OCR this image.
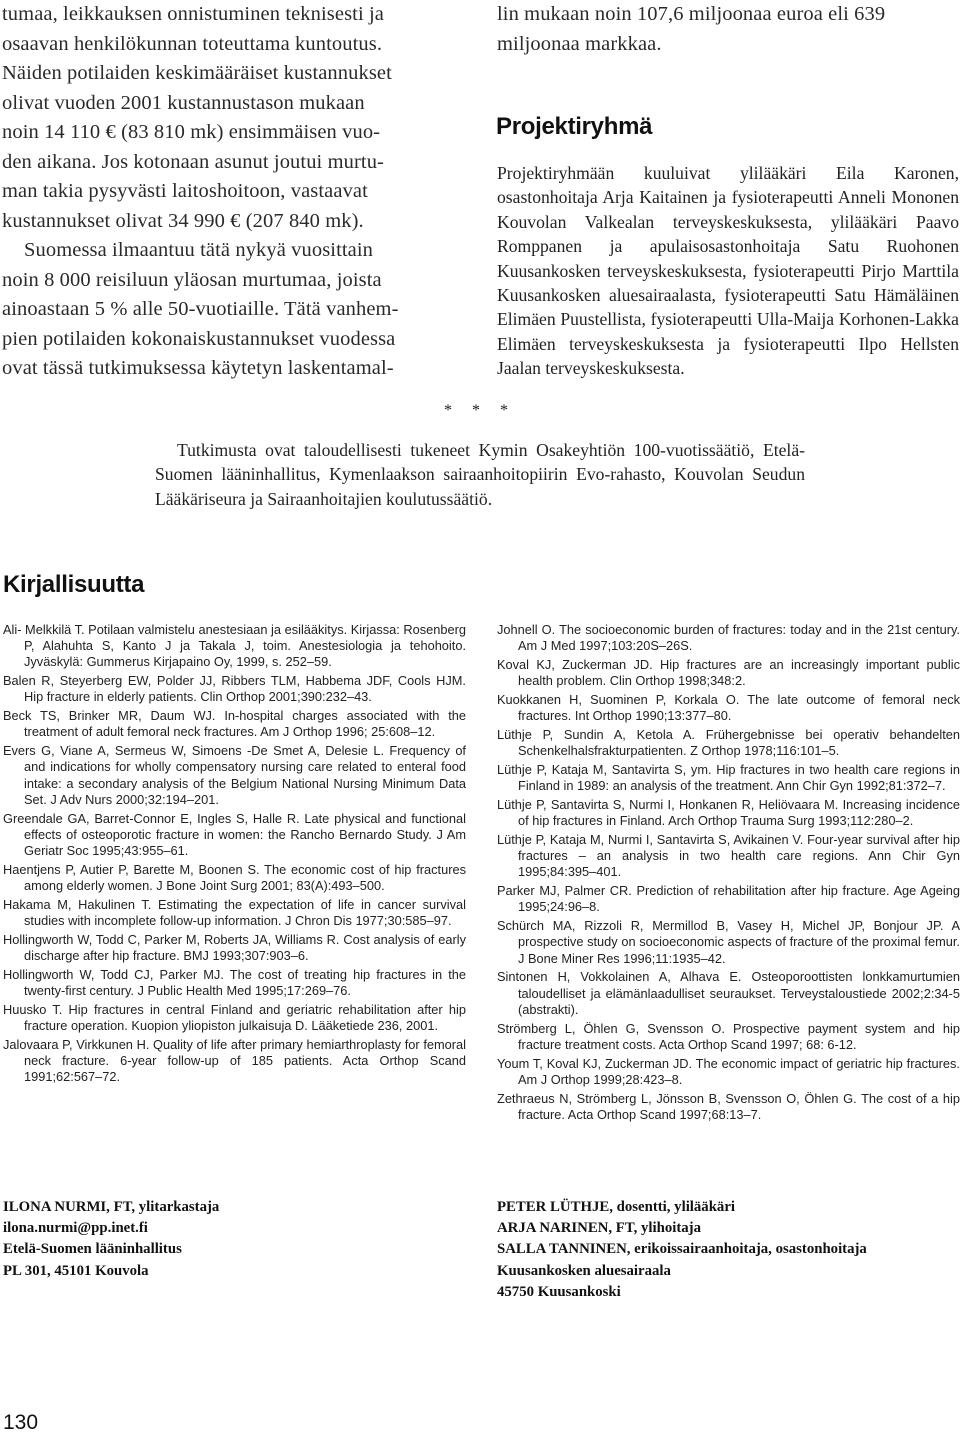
tumaa, leikkauksen onnistuminen teknisesti ja
osaavan henkilökunnan toteuttama kuntoutus.
Näiden potilaiden keskimääräiset kustannukset
olivat vuoden 2001 kustannustason mukaan
noin 14 110 € (83 810 mk) ensimmäisen vuo-
den aikana. Jos kotonaan asunut joutui murtu-
man takia pysyvästi laitoshoitoon, vastaavat
kustannukset olivat 34 990 € (207 840 mk).
Suomessa ilmaantuu tätä nykyä vuosittain
noin 8 000 reisiluun yläosan murtumaa, joista
ainoastaan 5 % alle 50-vuotiaille. Tätä vanhem-
pien potilaiden kokonaiskustannukset vuodessa
ovat tässä tutkimuksessa käytetyn laskentamal-
lin mukaan noin 107,6 miljoonaa euroa eli 639
miljoonaa markkaa.
Projektiryhmä

Projektiryhmään kuuluivat ylilääkäri Eila Karonen, osastonhoitaja Arja Kaitainen ja fysioterapeutti Anneli Mononen Kouvolan Valkealan terveyskeskuksesta, ylilääkäri Paavo Romppanen ja apulaisosastonhoitaja Satu Ruohonen Kuusankosken terveyskeskuksesta, fysioterapeutti Pirjo Marttila Kuusankosken aluesairaalasta, fysioterapeutti Satu Hämäläinen Elimäen Puustellista, fysioterapeutti Ulla-Maija Korhonen-Lakka Elimäen terveyskeskuksesta ja fysioterapeutti Ilpo Hellsten Jaalan terveyskeskuksesta.

* * *

Tutkimusta ovat taloudellisesti tukeneet Kymin Osakeyhtiön 100-vuotissäätiö, Etelä-Suomen lääninhallitus, Kymenlaakson sairaanhoitopiirin Evo-rahasto, Kouvolan Seudun Lääkäriseura ja Sairaanhoitajien koulutussäätiö.

Kirjallisuutta
Ali- Melkkilä T. Potilaan valmistelu anestesiaan ja esilääkitys. Kirjassa: Rosenberg P, Alahuhta S, Kanto J ja Takala J, toim. Anestesiologia ja tehohoito. Jyväskylä: Gummerus Kirjapaino Oy, 1999, s. 252–59.
Balen R, Steyerberg EW, Polder JJ, Ribbers TLM, Habbema JDF, Cools HJM. Hip fracture in elderly patients. Clin Orthop 2001;390:232–43.
Beck TS, Brinker MR, Daum WJ. In-hospital charges associated with the treatment of adult femoral neck fractures. Am J Orthop 1996; 25:608–12.
Evers G, Viane A, Sermeus W, Simoens -De Smet A, Delesie L. Frequency of and indications for wholly compensatory nursing care related to enteral food intake: a secondary analysis of the Belgium National Nursing Minimum Data Set. J Adv Nurs 2000;32:194–201.
Greendale GA, Barret-Connor E, Ingles S, Halle R. Late physical and functional effects of osteoporotic fracture in women: the Rancho Bernardo Study. J Am Geriatr Soc 1995;43:955–61.
Haentjens P, Autier P, Barette M, Boonen S. The economic cost of hip fractures among elderly women. J Bone Joint Surg 2001; 83(A):493–500.
Hakama M, Hakulinen T. Estimating the expectation of life in cancer survival studies with incomplete follow-up information. J Chron Dis 1977;30:585–97.
Hollingworth W, Todd C, Parker M, Roberts JA, Williams R. Cost analysis of early discharge after hip fracture. BMJ 1993;307:903–6.
Hollingworth W, Todd CJ, Parker MJ. The cost of treating hip fractures in the twenty-first century. J Public Health Med 1995;17:269–76.
Huusko T. Hip fractures in central Finland and geriatric rehabilitation after hip fracture operation. Kuopion yliopiston julkaisuja D. Lääketiede 236, 2001.
Jalovaara P, Virkkunen H. Quality of life after primary hemiarthroplasty for femoral neck fracture. 6-year follow-up of 185 patients. Acta Orthop Scand 1991;62:567–72.
Johnell O. The socioeconomic burden of fractures: today and in the 21st century. Am J Med 1997;103:20S–26S.
Koval KJ, Zuckerman JD. Hip fractures are an increasingly important public health problem. Clin Orthop 1998;348:2.
Kuokkanen H, Suominen P, Korkala O. The late outcome of femoral neck fractures. Int Orthop 1990;13:377–80.
Lüthje P, Sundin A, Ketola A. Frühergebnisse bei operativ behandelten Schenkelhalsfrakturpatienten. Z Orthop 1978;116:101–5.
Lüthje P, Kataja M, Santavirta S, ym. Hip fractures in two health care regions in Finland in 1989: an analysis of the treatment. Ann Chir Gyn 1992;81:372–7.
Lüthje P, Santavirta S, Nurmi I, Honkanen R, Heliövaara M. Increasing incidence of hip fractures in Finland. Arch Orthop Trauma Surg 1993;112:280–2.
Lüthje P, Kataja M, Nurmi I, Santavirta S, Avikainen V. Four-year survival after hip fractures – an analysis in two health care regions. Ann Chir Gyn 1995;84:395–401.
Parker MJ, Palmer CR. Prediction of rehabilitation after hip fracture. Age Ageing 1995;24:96–8.
Schürch MA, Rizzoli R, Mermillod B, Vasey H, Michel JP, Bonjour JP. A prospective study on socioeconomic aspects of fracture of the proximal femur. J Bone Miner Res 1996;11:1935–42.
Sintonen H, Vokkolainen A, Alhava E. Osteoporoottisten lonkkamurtumien taloudelliset ja elämänlaadulliset seuraukset. Terveystaloustiede 2002;2:34-5 (abstrakti).
Strömberg L, Öhlen G, Svensson O. Prospective payment system and hip fracture treatment costs. Acta Orthop Scand 1997; 68: 6-12.
Youm T, Koval KJ, Zuckerman JD. The economic impact of geriatric hip fractures. Am J Orthop 1999;28:423–8.
Zethraeus N, Strömberg L, Jönsson B, Svensson O, Öhlen G. The cost of a hip fracture. Acta Orthop Scand 1997;68:13–7.
ILONA NURMI, FT, ylitarkastaja
ilona.nurmi@pp.inet.fi
Etelä-Suomen lääninhallitus
PL 301, 45101 Kouvola
PETER LÜTHJE, dosentti, ylilääkäri
ARJA NARINEN, FT, ylihoitaja
SALLA TANNINEN, erikoissairaanhoitaja, osastonhoitaja
Kuusankosken aluesairaala
45750 Kuusankoski
130
